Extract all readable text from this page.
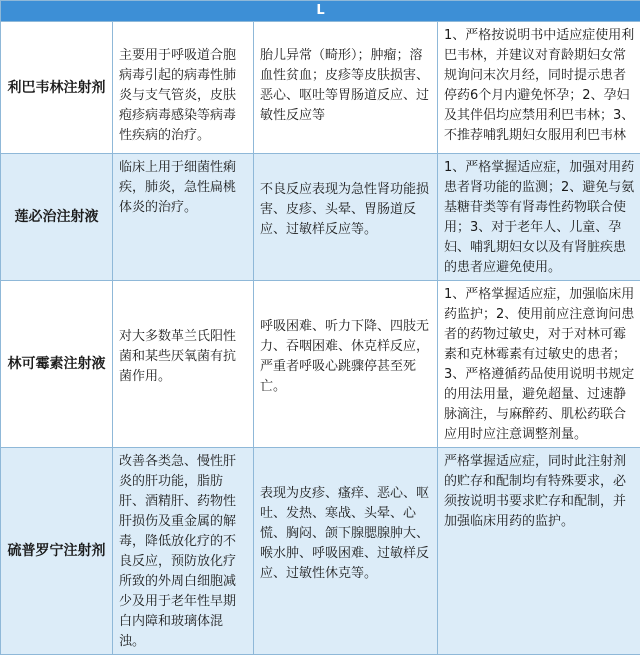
L			
利巴韦林注射剂	主要用于呼吸道合胞病毒引起的病毒性肺炎与支气管炎，皮肤疱疹病毒感染等病毒性疾病的治疗。	胎儿异常（畸形）；肿瘤；溶血性贫血；皮疹等皮肤损害、恶心、呕吐等胃肠道反应、过敏性反应等	1、严格按说明书中适应症使用利巴韦林，并建议对育龄期妇女常规询问末次月经，同时提示患者停药6个月内避免怀孕；2、孕妇及其伴侣均应禁用利巴韦林；3、不推荐哺乳期妇女服用利巴韦林

莲必治注射液	临床上用于细菌性痢疾，肺炎，急性扁桃体炎的治疗。	不良反应表现为急性肾功能损害、皮疹、头晕、胃肠道反应、过敏样反应等。	1、严格掌握适应症，加强对用药患者肾功能的监测；2、避免与氨基糖苷类等有肾毒性药物联合使用；3、对于老年人、儿童、孕妇、哺乳期妇女以及有肾脏疾患的患者应避免使用。

林可霉素注射液	对大多数革兰氏阳性菌和某些厌氧菌有抗菌作用。	呼吸困难、听力下降、四肢无力、吞咽困难、休克样反应，严重者呼吸心跳骤停甚至死亡。	1、严格掌握适应症，加强临床用药监护；2、使用前应注意询问患者的药物过敏史，对于对林可霉素和克林霉素有过敏史的患者；3、严格遵循药品使用说明书规定的用法用量，避免超量、过速静脉滴注，与麻醉药、肌松药联合应用时应注意调整剂量。

硫普罗宁注射剂	改善各类急、慢性肝炎的肝功能，脂肪肝、酒精肝、药物性肝损伤及重金属的解毒，降低放化疗的不良反应，预防放化疗所致的外周白细胞减少及用于老年性早期白内障和玻璃体混浊。	表现为皮疹、瘙痒、恶心、呕吐、发热、寒战、头晕、心慌、胸闷、颌下腺腮腺肿大、喉水肿、呼吸困难、过敏样反应、过敏性休克等。	严格掌握适应症，同时此注射剂的贮存和配制均有特殊要求，必须按说明书要求贮存和配制，并加强临床用药的监护。
